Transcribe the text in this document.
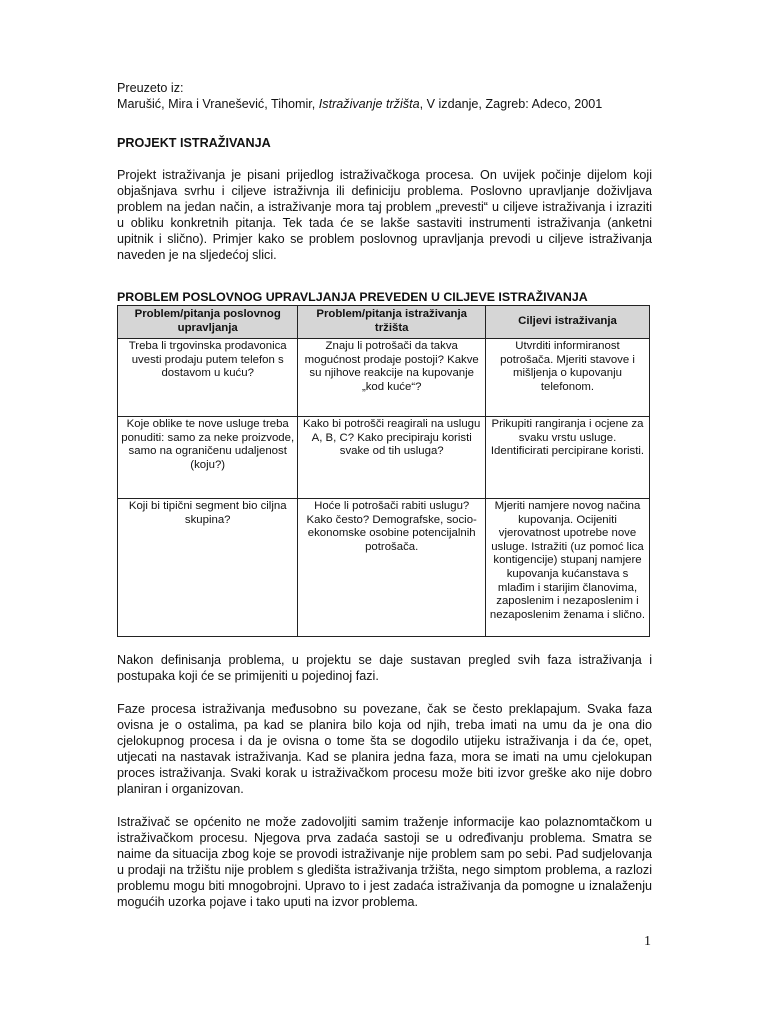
Preuzeto iz:

Marušić, Mira i Vranešević, Tihomir, Istraživanje tržišta, V izdanje, Zagreb: Adeco, 2001

PROJEKT ISTRAŽIVANJA

Projekt istraživanja je pisani prijedlog istraživačkoga procesa. On uvijek počinje dijelom koji objašnjava svrhu i ciljeve istraživnja ili definiciju problema. Poslovno upravljanje doživljava problem na jedan način, a istraživanje mora taj problem „prevesti“ u ciljeve istraživanja i izraziti u obliku konkretnih pitanja. Tek tada će se lakše sastaviti instrumenti istraživanja (anketni upitnik i slično). Primjer kako se problem poslovnog upravljanja prevodi u ciljeve istraživanja naveden je na sljedećoj slici.

PROBLEM POSLOVNOG UPRAVLJANJA PREVEDEN U CILJEVE ISTRAŽIVANJA
Problem/pitanja poslovnog upravljanja	Problem/pitanja istraživanja tržišta	Ciljevi istraživanja
Treba li trgovinska prodavonica uvesti prodaju putem telefon s dostavom u kuću?	Znaju li potrošači da takva mogućnost prodaje postoji? Kakve su njihove reakcije na kupovanje „kod kuće“?	Utvrditi informiranost potrošača. Mjeriti stavove i mišljenja o kupovanju telefonom.
Koje oblike te nove usluge treba ponuditi: samo za neke proizvode, samo na ograničenu udaljenost (koju?)	Kako bi potrošči reagirali na uslugu A, B, C? Kako precipiraju koristi svake od tih usluga?	Prikupiti rangiranja i ocjene za svaku vrstu usluge. Identificirati percipirane koristi.
Koji bi tipični segment bio ciljna skupina?	Hoće li potrošači rabiti uslugu? Kako često? Demografske, socio-ekonomske osobine potencijalnih potrošača.	Mjeriti namjere novog načina kupovanja. Ocijeniti vjerovatnost upotrebe nove usluge. Istražiti (uz pomoć lica kontigencije) stupanj namjere kupovanja kućanstava s mlađim i starijim članovima, zaposlenim i nezaposlenim i nezaposlenim ženama i slično.

Nakon definisanja problema, u projektu se daje sustavan pregled svih faza istraživanja i postupaka koji će se primijeniti u pojedinoj fazi.

Faze procesa istraživanja međusobno su povezane, čak se često preklapajum. Svaka faza ovisna je o ostalima, pa kad se planira bilo koja od njih, treba imati na umu da je ona dio cjelokupnog procesa i da je ovisna o tome šta se dogodilo utijeku istraživanja i da će, opet, utjecati na nastavak istraživanja. Kad se planira jedna faza, mora se imati na umu cjelokupan proces istraživanja. Svaki korak u istraživačkom procesu može biti izvor greške ako nije dobro planiran i organizovan.

Istraživač se općenito ne može zadovoljiti samim traženje informacije kao polaznomtačkom u istraživačkom procesu. Njegova prva zadaća sastoji se u određivanju problema. Smatra se naime da situacija zbog koje se provodi istraživanje nije problem sam po sebi. Pad sudjelovanja u prodaji na tržištu nije problem s gledišta istraživanja tržišta, nego simptom problema, a razlozi problemu mogu biti mnogobrojni. Upravo to i jest zadaća istraživanja da pomogne u iznalaženju mogućih uzorka pojave i tako uputi na izvor problema.

1
